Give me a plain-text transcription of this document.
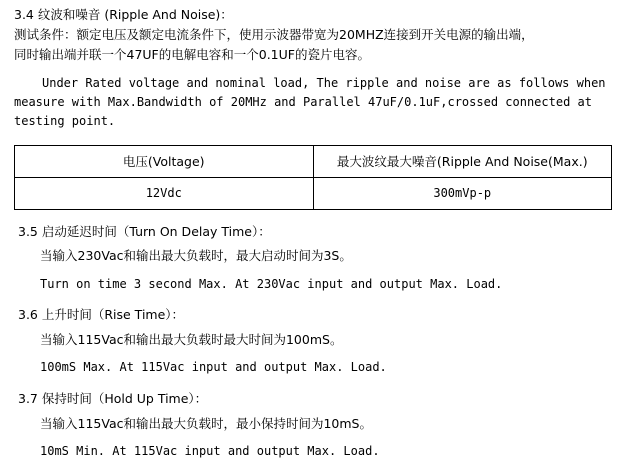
3.4 纹波和噪音 (Ripple And Noise)：
测试条件：额定电压及额定电流条件下，使用示波器带宽为20MHZ连接到开关电源的输出端，
同时输出端并联一个47UF的电解电容和一个0.1UF的瓷片电容。
Under Rated voltage and nominal load, The ripple and noise are as follows when
measure with Max.Bandwidth of 20MHz and Parallel 47uF/0.1uF,crossed connected at
testing point.
电压(Voltage)	最大波纹最大噪音(Ripple And Noise(Max.)
12Vdc	300mVp-p
3.5 启动延迟时间（Turn On Delay Time）：
当输入230Vac和输出最大负载时，最大启动时间为3S。
Turn on time 3 second Max. At 230Vac input and output Max. Load.
3.6 上升时间（Rise Time）：
当输入115Vac和输出最大负载时最大时间为100mS。
100mS Max. At 115Vac input and output Max. Load.
3.7 保持时间（Hold Up Time）：
当输入115Vac和输出最大负载时，最小保持时间为10mS。
10mS Min. At 115Vac input and output Max. Load.
